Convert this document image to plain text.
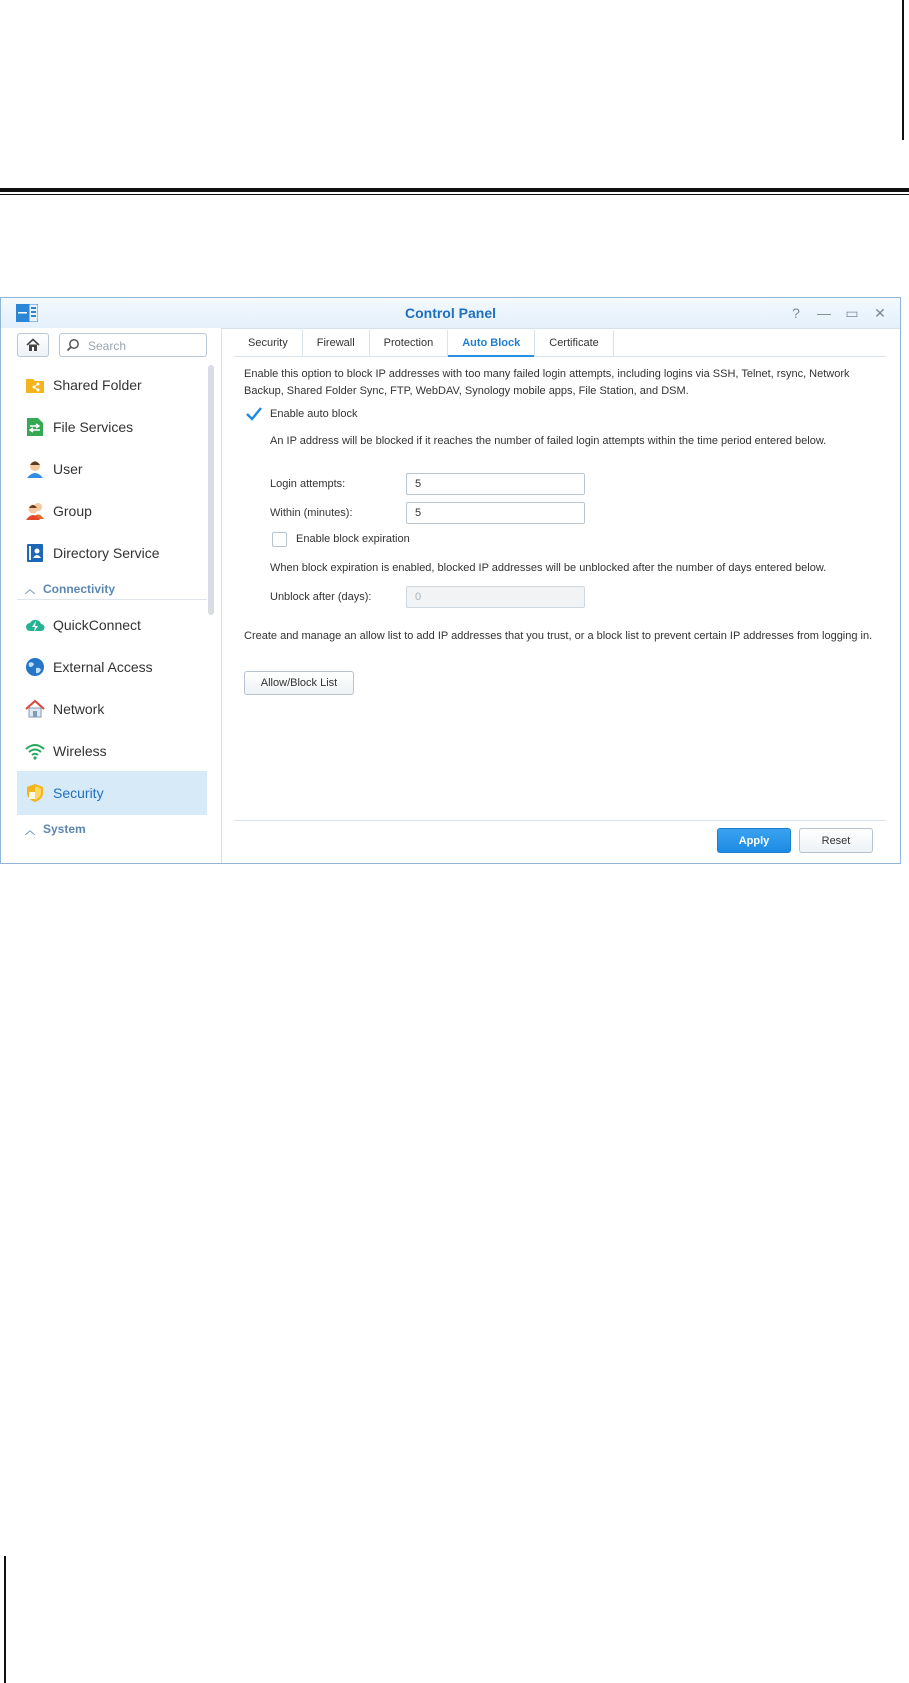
Control Panel	?	— ▭ ✕
Search
Shared Folder
File Services
User
Group
Directory Service
︿ Connectivity
QuickConnect
External Access
Network
Wireless
Security
︿ System
Security	Firewall	Protection	Auto Block	Certificate
Enable this option to block IP addresses with too many failed login attempts, including logins via SSH, Telnet, rsync, Network Backup, Shared Folder Sync, FTP, WebDAV, Synology mobile apps, File Station, and DSM.
Enable auto block
An IP address will be blocked if it reaches the number of failed login attempts within the time period entered below.
Login attempts:
5
Within (minutes):
5
Enable block expiration
When block expiration is enabled, blocked IP addresses will be unblocked after the number of days entered below.
Unblock after (days):
0
Create and manage an allow list to add IP addresses that you trust, or a block list to prevent certain IP addresses from logging in.
Allow/Block List
Apply	Reset
